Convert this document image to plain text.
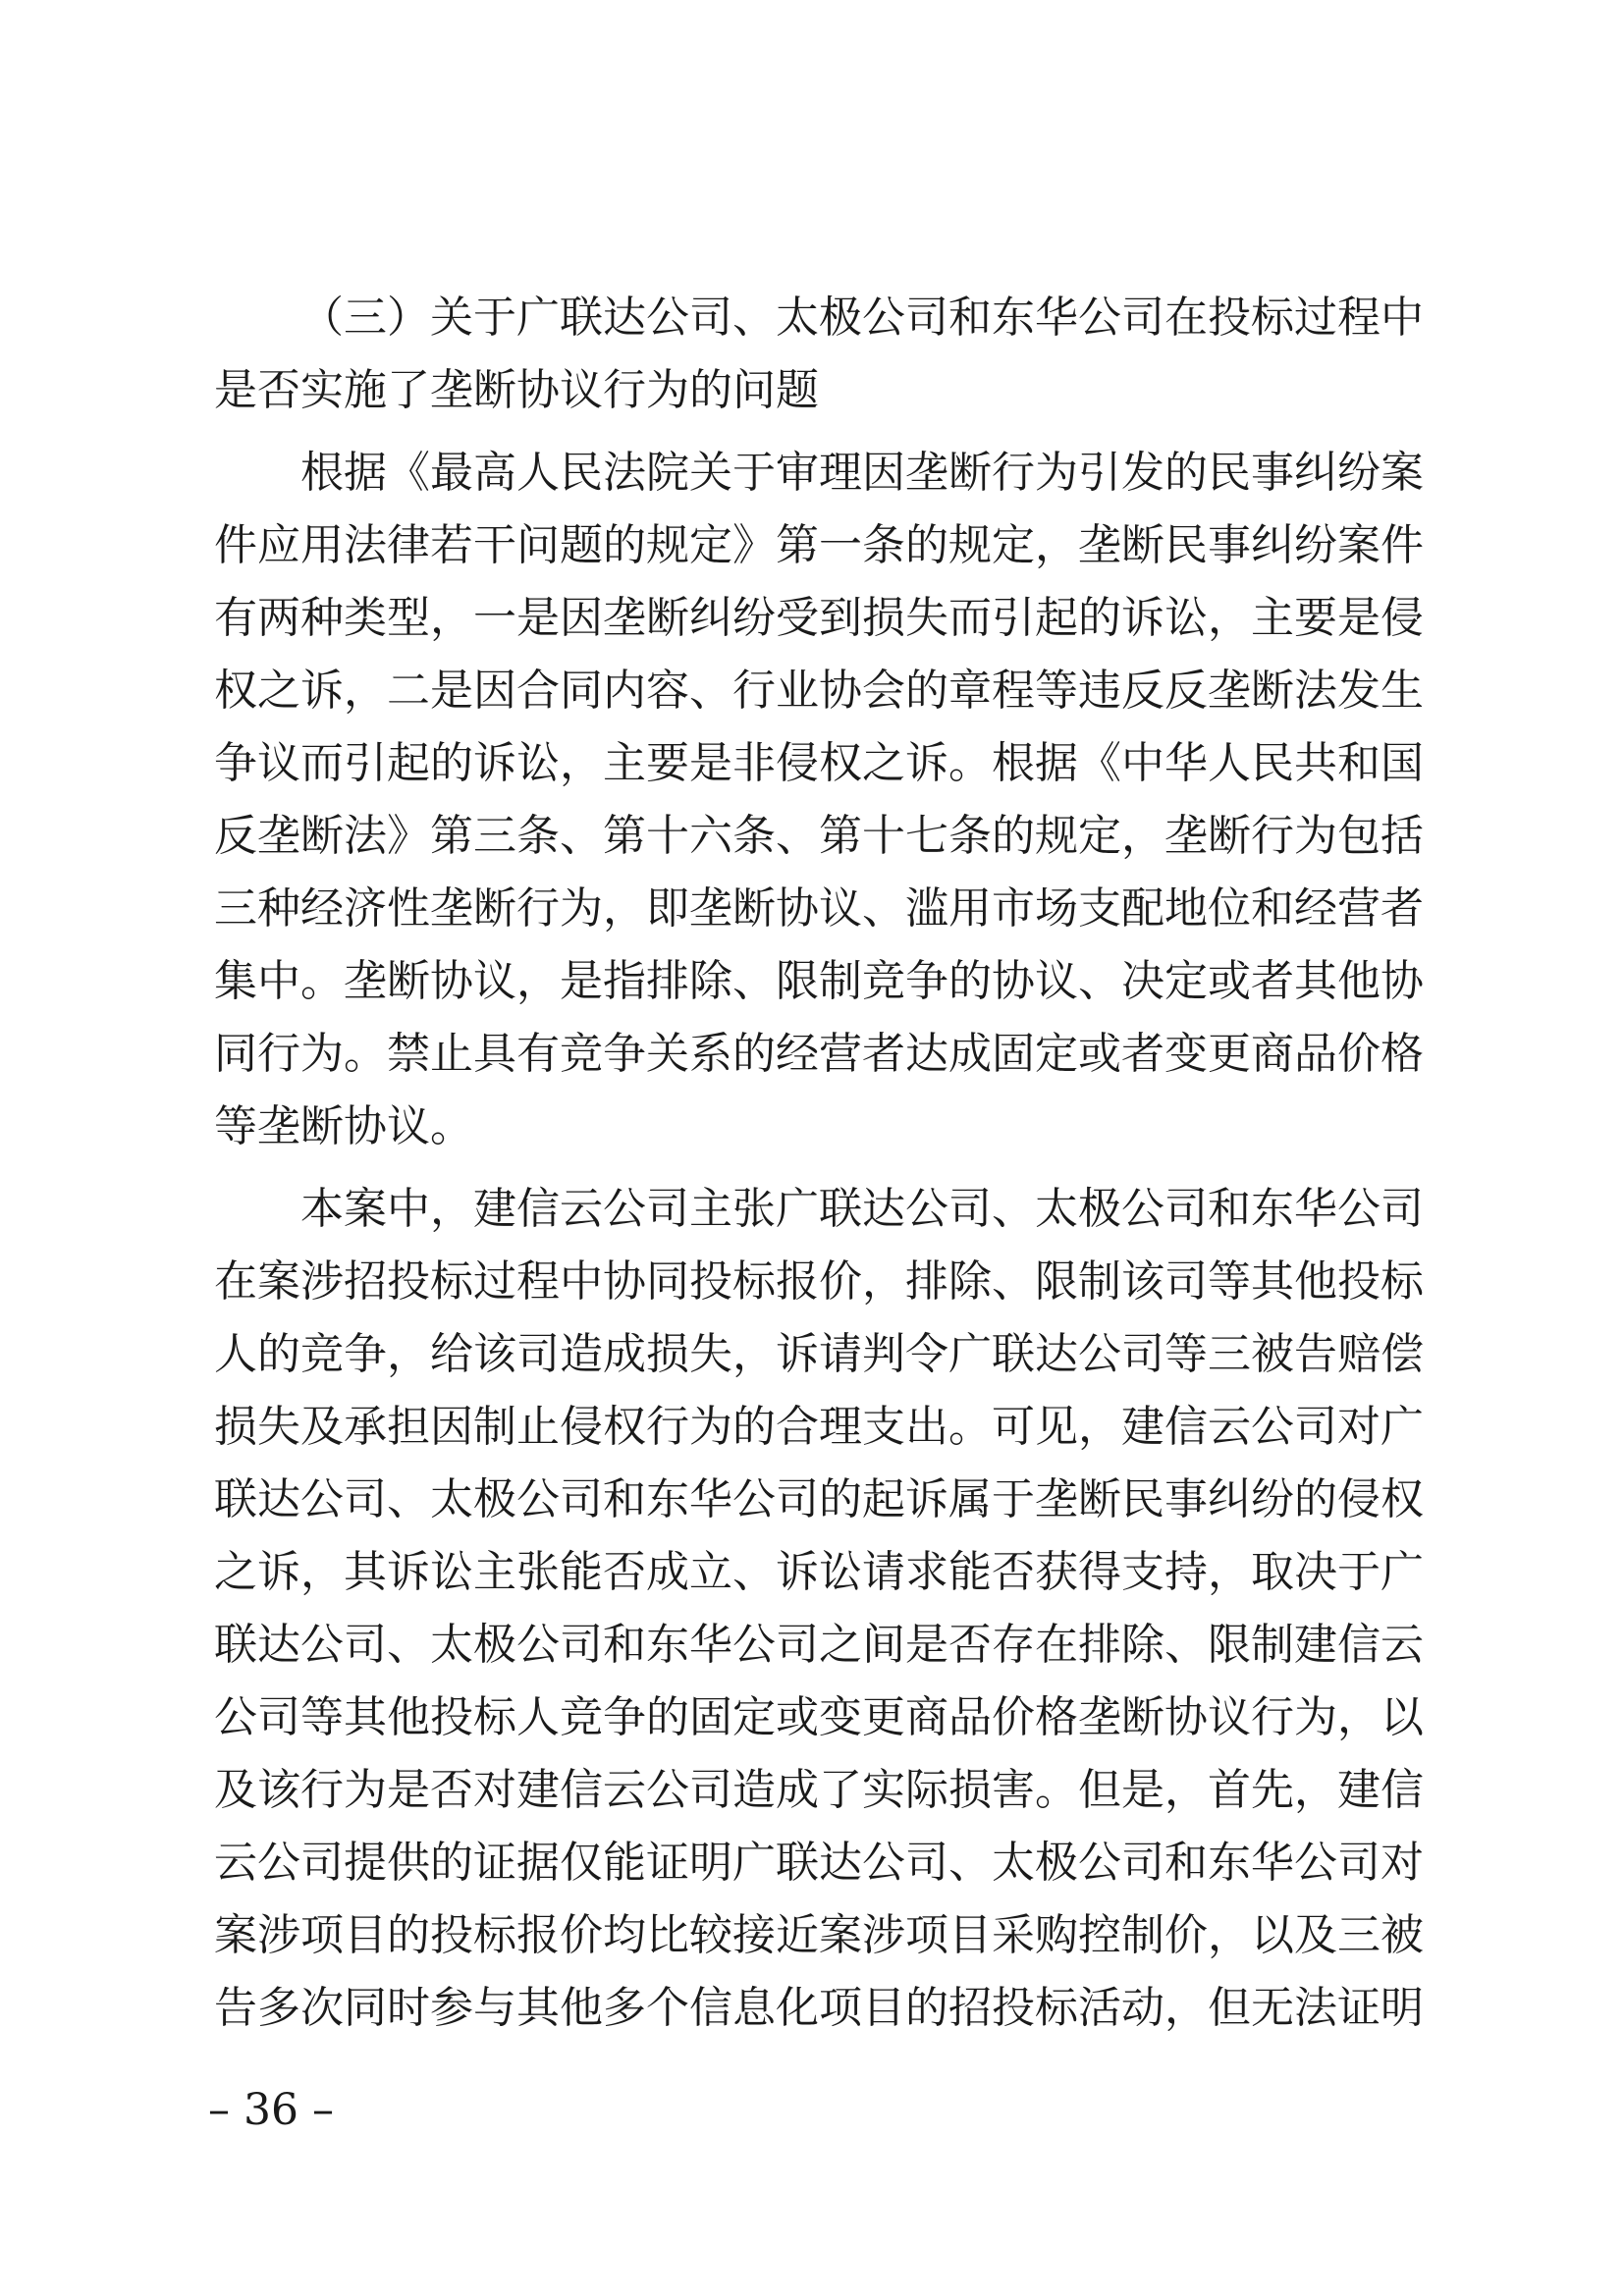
（三）关于广联达公司、太极公司和东华公司在投标过程中
是否实施了垄断协议行为的问题
根据《最高人民法院关于审理因垄断行为引发的民事纠纷案
件应用法律若干问题的规定》第一条的规定，垄断民事纠纷案件
有两种类型，一是因垄断纠纷受到损失而引起的诉讼，主要是侵
权之诉，二是因合同内容、行业协会的章程等违反反垄断法发生
争议而引起的诉讼，主要是非侵权之诉。根据《中华人民共和国
反垄断法》第三条、第十六条、第十七条的规定，垄断行为包括
三种经济性垄断行为，即垄断协议、滥用市场支配地位和经营者
集中。垄断协议，是指排除、限制竞争的协议、决定或者其他协
同行为。禁止具有竞争关系的经营者达成固定或者变更商品价格
等垄断协议。
本案中，建信云公司主张广联达公司、太极公司和东华公司
在案涉招投标过程中协同投标报价，排除、限制该司等其他投标
人的竞争，给该司造成损失，诉请判令广联达公司等三被告赔偿
损失及承担因制止侵权行为的合理支出。可见，建信云公司对广
联达公司、太极公司和东华公司的起诉属于垄断民事纠纷的侵权
之诉，其诉讼主张能否成立、诉讼请求能否获得支持，取决于广
联达公司、太极公司和东华公司之间是否存在排除、限制建信云
公司等其他投标人竞争的固定或变更商品价格垄断协议行为，以
及该行为是否对建信云公司造成了实际损害。但是，首先，建信
云公司提供的证据仅能证明广联达公司、太极公司和东华公司对
案涉项目的投标报价均比较接近案涉项目采购控制价，以及三被
告多次同时参与其他多个信息化项目的招投标活动，但无法证明
– 36 –
